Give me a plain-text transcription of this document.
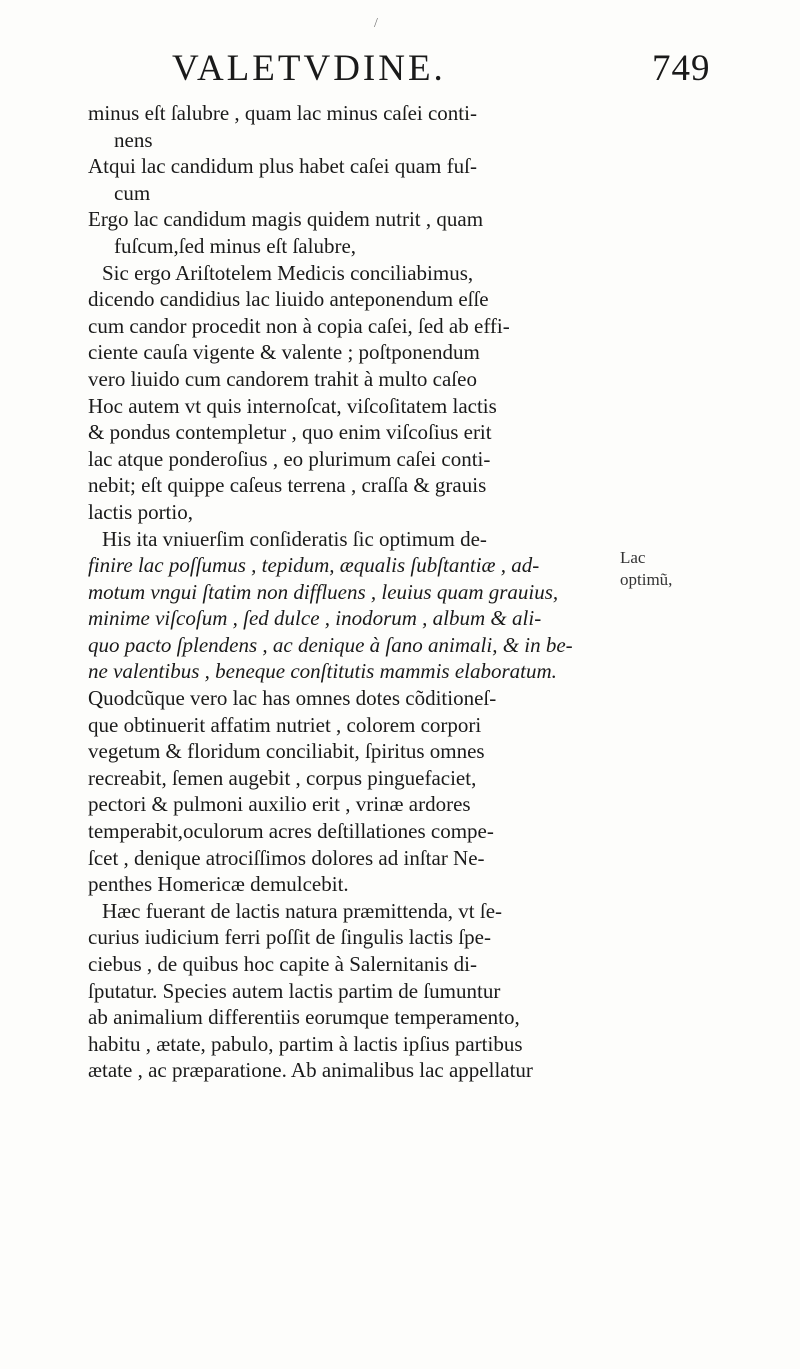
VALETVDINE.	749
/
minus eſt ſalubre , quam lac minus caſei conti-
nens
Atqui lac candidum plus habet caſei quam fuſ-
cum
Ergo lac candidum magis quidem nutrit , quam
fuſcum,ſed minus eſt ſalubre,
Sic ergo Ariſtotelem Medicis conciliabimus,
dicendo candidius lac liuido anteponendum eſſe
cum candor procedit non à copia caſei, ſed ab effi-
ciente cauſa vigente & valente ; poſtponendum
vero liuido cum candorem trahit à multo caſeo
Hoc autem vt quis internoſcat, viſcoſitatem lactis
& pondus contempletur , quo enim viſcoſius erit
lac atque ponderoſius , eo plurimum caſei conti-
nebit; eſt quippe caſeus terrena , craſſa & grauis
lactis portio,
His ita vniuerſim conſideratis ſic optimum de-
finire lac poſſumus , tepidum, æqualis ſubſtantiæ , ad-
motum vngui ſtatim non diffluens , leuius quam grauius,
minime viſcoſum , ſed dulce , inodorum , album & ali-
quo pacto ſplendens , ac denique à ſano animali, & in be-
ne valentibus , beneque conſtitutis mammis elaboratum.
Quodcũque vero lac has omnes dotes cõditioneſ-
que obtinuerit affatim nutriet , colorem corpori
vegetum & floridum conciliabit, ſpiritus omnes
recreabit, ſemen augebit , corpus pinguefaciet,
pectori & pulmoni auxilio erit , vrinæ ardores
temperabit,oculorum acres deſtillationes compe-
ſcet , denique atrociſſimos dolores ad inſtar Ne-
penthes Homericæ demulcebit.
Hæc fuerant de lactis natura præmittenda, vt ſe-
curius iudicium ferri poſſit de ſingulis lactis ſpe-
ciebus , de quibus hoc capite à Salernitanis di-
ſputatur. Species autem lactis partim de ſumuntur
ab animalium differentiis eorumque temperamento,
habitu , ætate, pabulo, partim à lactis ipſius partibus
ætate , ac præparatione. Ab animalibus lac appellatur
Lac
optimũ,
